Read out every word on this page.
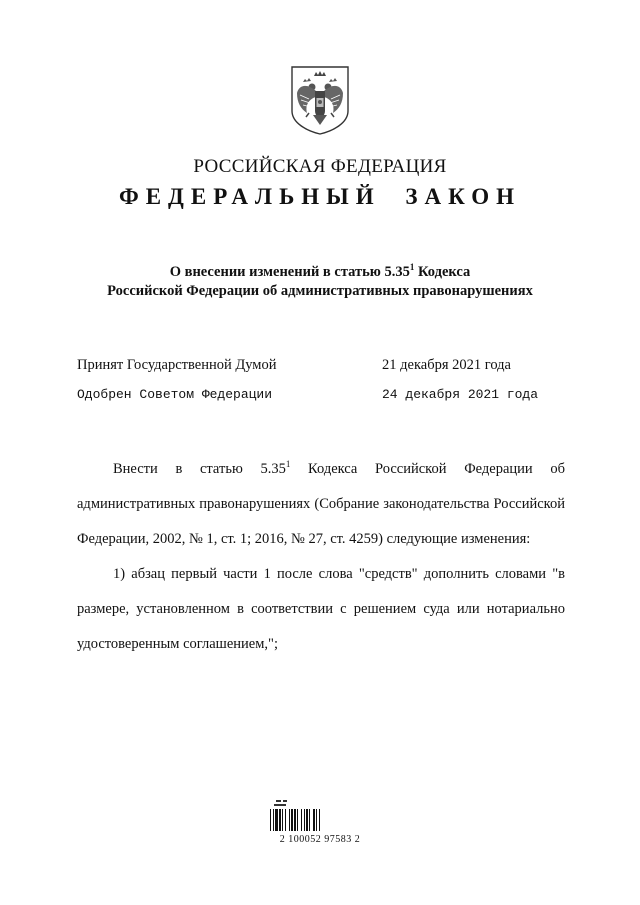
РОССИЙСКАЯ ФЕДЕРАЦИЯ
ФЕДЕРАЛЬНЫЙ ЗАКОН
О внесении изменений в статью 5.35$^1$ Кодекса
Российской Федерации об административных правонарушениях
Принят Государственной Думой	21 декабря 2021 года
Одобрен Советом Федерации	24 декабря 2021 года

Внести в статью 5.35$^1$ Кодекса Российской Федерации об административных правонарушениях (Собрание законодательства Российской Федерации, 2002, № 1, ст. 1; 2016, № 27, ст. 4259) следующие изменения:

1) абзац первый части 1 после слова "средств" дополнить словами "в размере, установленном в соответствии с решением суда или нотариально удостоверенным соглашением,";

2 100052 97583 2
